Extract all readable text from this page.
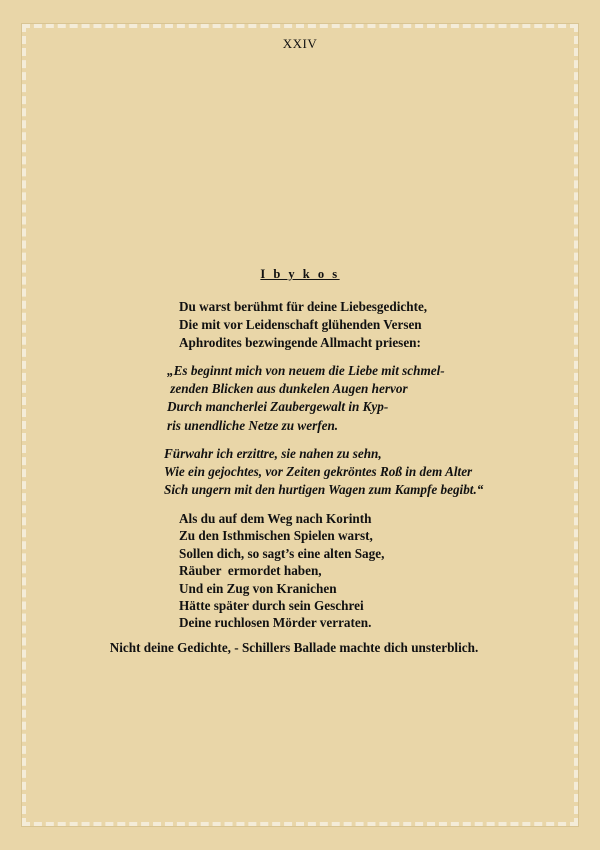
XXIV
I b y k o s
Du warst berühmt für deine Liebesgedichte,
Die mit vor Leidenschaft glühenden Versen
Aphrodites bezwingende Allmacht priesen:
„Es beginnt mich von neuem die Liebe mit schmel-
zenden Blicken aus dunkelen Augen hervor
Durch mancherlei Zaubergewalt in Kyp-
ris unendliche Netze zu werfen.
Fürwahr ich erzittre, sie nahen zu sehn,
Wie ein gejochtes, vor Zeiten gekröntes Roß in dem Alter
Sich ungern mit den hurtigen Wagen zum Kampfe begibt.“
Als du auf dem Weg nach Korinth
Zu den Isthmischen Spielen warst,
Sollen dich, so sagt’s eine alten Sage,
Räuber  ermordet haben,
Und ein Zug von Kranichen
Hätte später durch sein Geschrei
Deine ruchlosen Mörder verraten.
Nicht deine Gedichte, - Schillers Ballade machte dich unsterblich.
